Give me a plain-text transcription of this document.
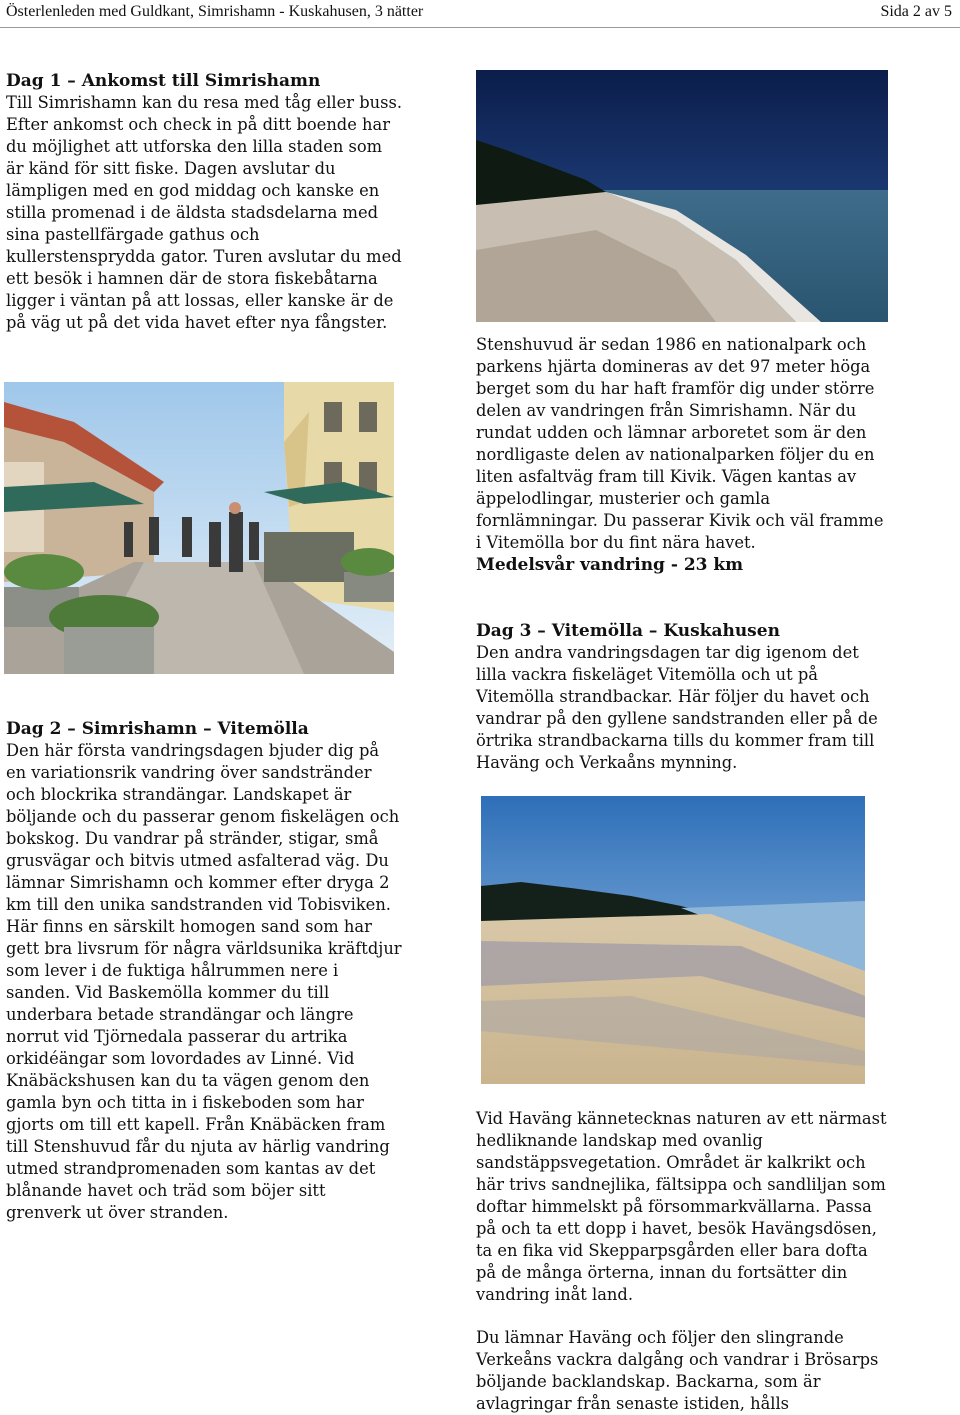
Österlenleden med Guldkant, Simrishamn - Kuskahusen, 3 nätter	Sida 2 av 5
Dag 1 – Ankomst till Simrishamn

Till Simrishamn kan du resa med tåg eller buss. Efter ankomst och check in på ditt boende har du möjlighet att utforska den lilla staden som är känd för sitt fiske. Dagen avslutar du lämpligen med en god middag och kanske en stilla promenad i de äldsta stadsdelarna med sina pastellfärgade gathus och kullerstensprydda gator. Turen avslutar du med ett besök i hamnen där de stora fiskebåtarna ligger i väntan på att lossas, eller kanske är de på väg ut på det vida havet efter nya fångster.

Dag 2 – Simrishamn – Vitemölla

Den här första vandringsdagen bjuder dig på en variationsrik vandring över sandstränder och blockrika strandängar. Landskapet är böljande och du passerar genom fiskelägen och bokskog. Du vandrar på stränder, stigar, små grusvägar och bitvis utmed asfalterad väg. Du lämnar Simrishamn och kommer efter dryga 2 km till den unika sandstranden vid Tobisviken. Här finns en särskilt homogen sand som har gett bra livsrum för några världsunika kräftdjur som lever i de fuktiga hålrummen nere i sanden. Vid Baskemölla kommer du till underbara betade strandängar och längre norrut vid Tjörnedala passerar du artrika orkidéängar som lovordades av Linné. Vid Knäbäckshusen kan du ta vägen genom den gamla byn och titta in i fiskeboden som har gjorts om till ett kapell. Från Knäbäcken fram till Stenshuvud får du njuta av härlig vandring utmed strandpromenaden som kantas av det blånande havet och träd som böjer sitt grenverk ut över stranden.

Stenshuvud är sedan 1986 en nationalpark och parkens hjärta domineras av det 97 meter höga berget som du har haft framför dig under större delen av vandringen från Simrishamn. När du rundat udden och lämnar arboretet som är den nordligaste delen av nationalparken följer du en liten asfaltväg fram till Kivik. Vägen kantas av äppelodlingar, musterier och gamla fornlämningar. Du passerar Kivik och väl framme i Vitemölla bor du fint nära havet.

Medelsvår vandring - 23 km

Dag 3 – Vitemölla – Kuskahusen

Den andra vandringsdagen tar dig igenom det lilla vackra fiskeläget Vitemölla och ut på Vitemölla strandbackar. Här följer du havet och vandrar på den gyllene sandstranden eller på de örtrika strandbackarna tills du kommer fram till Haväng och Verkaåns mynning.

Vid Haväng kännetecknas naturen av ett närmast hedliknande landskap med ovanlig sandstäppsvegetation. Området är kalkrikt och här trivs sandnejlika, fältsippa och sandliljan som doftar himmelskt på försommarkvällarna. Passa på och ta ett dopp i havet, besök Havängsdösen, ta en fika vid Skepparpsgården eller bara dofta på de många örterna, innan du fortsätter din vandring inåt land.

Du lämnar Haväng och följer den slingrande Verkeåns vackra dalgång och vandrar i Brösarps böljande backlandskap. Backarna, som är avlagringar från senaste istiden, hålls
